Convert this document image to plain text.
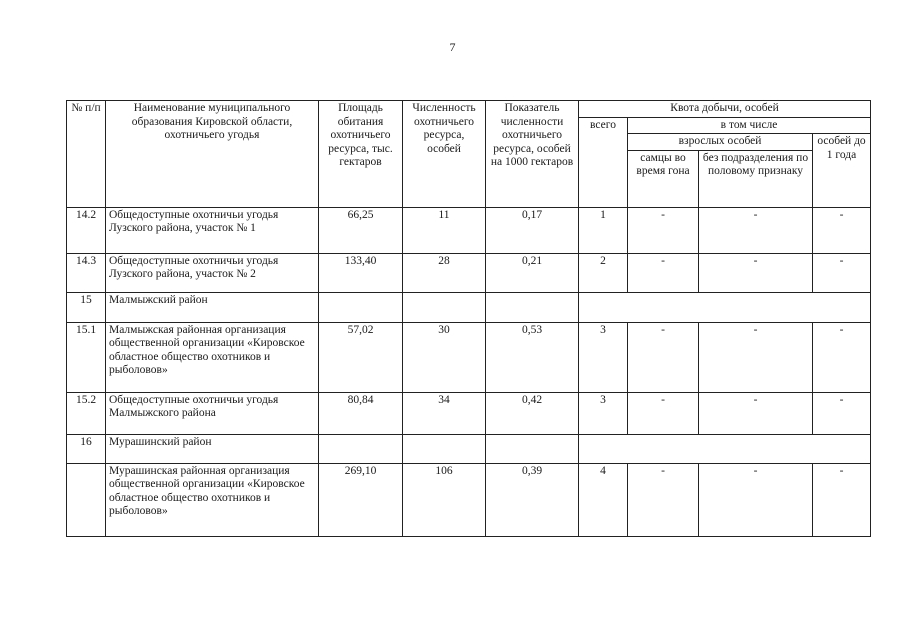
7
№ п/п	Наименование муниципального образования Кировской области, охотничьего угодья	Площадь обитания охотничьего ресурса, тыс. гектаров	Численность охотничьего ресурса, особей	Показатель численности охотничьего ресурса, особей на 1000 гектаров	Квота добычи, особей			
					всего	в том числе		
						взрослых особей		особей до 1 года
						самцы во время гона	без подразделения по половому признаку	
14.2	Общедоступные охотничьи угодья Лузского района, участок № 1	66,25	11	0,17	1	-	-	-
14.3	Общедоступные охотничьи угодья Лузского района, участок № 2	133,40	28	0,21	2	-	-	-
15	Малмыжский район							
15.1	Малмыжская районная организация общественной организации «Кировское областное общество охотников и рыболовов»	57,02	30	0,53	3	-	-	-
15.2	Общедоступные охотничьи угодья Малмыжского района	80,84	34	0,42	3	-	-	-
16	Мурашинский район							
	Мурашинская районная организация общественной организации «Кировское областное общество охотников и рыболовов»	269,10	106	0,39	4	-	-	-
